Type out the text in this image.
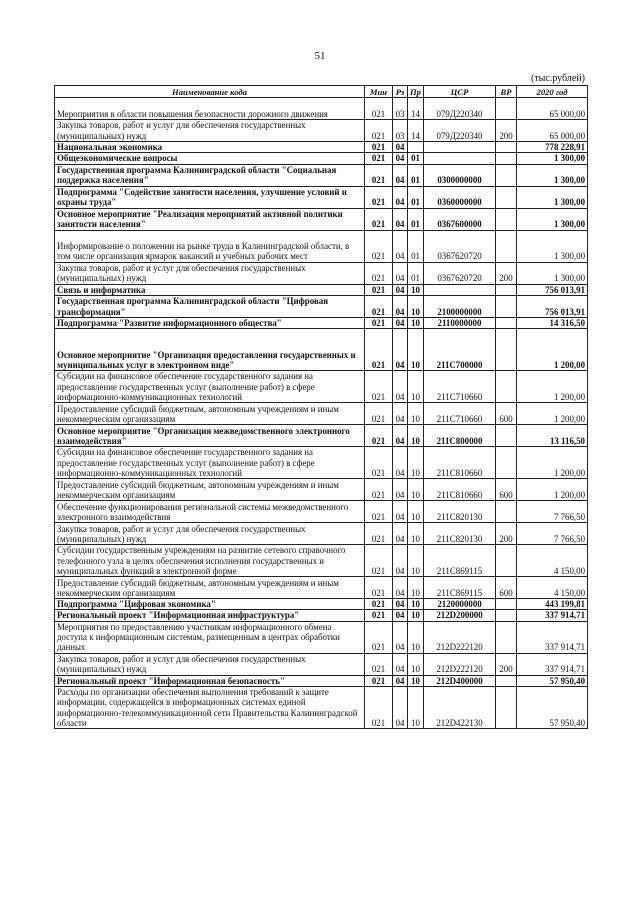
51
(тыс.рублей)
Наименование кода	Мин	Рз	Пр	ЦСР	ВР	2020 год
Мероприятия в области повышения безопасности дорожного движения	021	03	14	079Д220340		65 000,00
Закупка товаров, работ и услуг для обеспечения государственных (муниципальных) нужд	021	03	14	079Д220340	200	65 000,00
Национальная экономика	021	04				778 228,91
Общеэкономические вопросы	021	04	01			1 300,00
Государственная программа Калининградской области "Социальная поддержка населения"	021	04	01	0300000000		1 300,00
Подпрограмма "Содействие занятости населения, улучшение условий и охраны труда"	021	04	01	0360000000		1 300,00
Основное мероприятие "Реализация мероприятий активной политики занятости населения"	021	04	01	0367600000		1 300,00
Информирование о положении на рынке труда в Калининградской области, в том числе организация ярмарок вакансий и учебных рабочих мест	021	04	01	0367620720		1 300,00
Закупка товаров, работ и услуг для обеспечения государственных (муниципальных) нужд	021	04	01	0367620720	200	1 300,00
Связь и информатика	021	04	10			756 013,91
Государственная программа Калининградской области "Цифровая трансформация"	021	04	10	2100000000		756 013,91
Подпрограмма "Развитие информационного общества"	021	04	10	2110000000		14 316,50
Основное мероприятие "Организация предоставления государственных и муниципальных услуг в электронном виде"	021	04	10	211C700000		1 200,00
Субсидии на финансовое обеспечение государственного задания на предоставление государственных услуг (выполнение работ) в сфере информационно-коммуникационных технологий	021	04	10	211C710660		1 200,00
Предоставление субсидий бюджетным, автономным учреждениям и иным некоммерческим организациям	021	04	10	211C710660	600	1 200,00
Основное мероприятие "Организация межведомственного электронного взаимодействия"	021	04	10	211C800000		13 116,50
Субсидии на финансовое обеспечение государственного задания на предоставление государственных услуг (выполнение работ) в сфере информационно-коммуникационных технологий	021	04	10	211C810660		1 200,00
Предоставление субсидий бюджетным, автономным учреждениям и иным некоммерческим организациям	021	04	10	211C810660	600	1 200,00
Обеспечение функционирования региональной системы межведомственного электронного взаимодействия	021	04	10	211C820130		7 766,50
Закупка товаров, работ и услуг для обеспечения государственных (муниципальных) нужд	021	04	10	211C820130	200	7 766,50
Субсидии государственным учреждениям на развитие сетевого справочного телефонного узла в целях обеспечения исполнения государственных и муниципальных функций в электронной форме	021	04	10	211C869115		4 150,00
Предоставление субсидий бюджетным, автономным учреждениям и иным некоммерческим организациям	021	04	10	211C869115	600	4 150,00
Подпрограмма "Цифровая экономика"	021	04	10	2120000000		443 199,81
Региональный проект "Информационная инфраструктура"	021	04	10	212D200000		337 914,71
Мероприятия по предоставлению участникам информационного обмена доступа к информационным системам, размещенным в центрах обработки данных	021	04	10	212D222120		337 914,71
Закупка товаров, работ и услуг для обеспечения государственных (муниципальных) нужд	021	04	10	212D222120	200	337 914,71
Региональный проект "Информационная безопасность"	021	04	10	212D400000		57 950,40
Расходы по организации обеспечения выполнения требований к защите информации, содержащейся в информационных системах единой информационно-телекоммуникационной сети Правительства Калининградской области	021	04	10	212D422130		57 950,40
